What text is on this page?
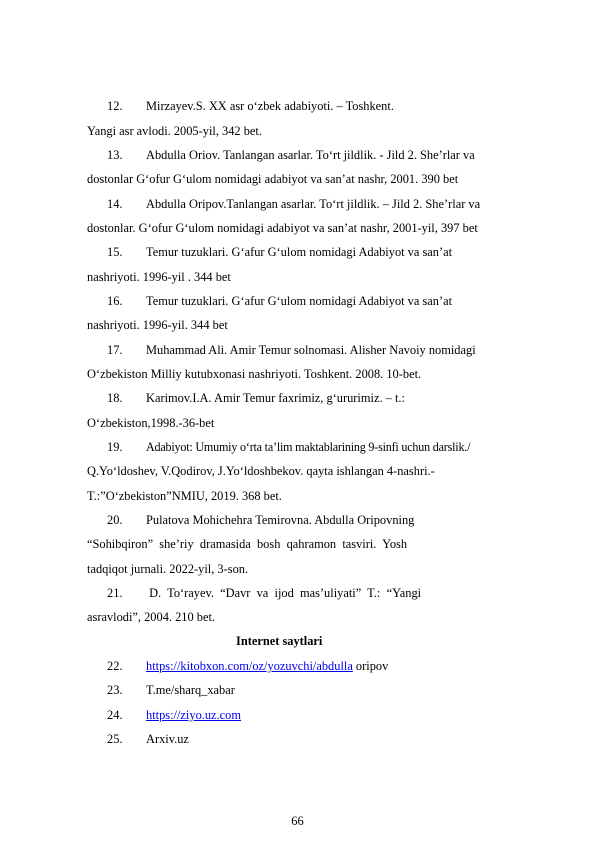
12. Mirzayev.S. XX asr o‘zbek adabiyoti. – Toshkent.
Yangi asr avlodi. 2005-yil, 342 bet.
13. Abdulla Oriov. Tanlangan asarlar. To‘rt jildlik. - Jild 2. She’rlar va
dostonlar G‘ofur G‘ulom nomidagi adabiyot va san’at nashr, 2001. 390 bet
14. Abdulla Oripov.Tanlangan asarlar. To‘rt jildlik. – Jild 2. She’rlar va
dostonlar. G‘ofur G‘ulom nomidagi adabiyot va san’at nashr, 2001-yil, 397 bet
15. Temur tuzuklari. G‘afur G‘ulom nomidagi Adabiyot va san’at
nashriyoti. 1996-yil . 344 bet
16. Temur tuzuklari. G‘afur G‘ulom nomidagi Adabiyot va san’at
nashriyoti. 1996-yil. 344 bet
17. Muhammad Ali. Amir Temur solnomasi. Alisher Navoiy nomidagi
O‘zbekiston Milliy kutubxonasi nashriyoti. Toshkent. 2008. 10-bet.
18. Karimov.I.A. Amir Temur faxrimiz, g‘ururimiz. – t.:
O‘zbekiston,1998.-36-bet
19. Adabiyot: Umumiy o‘rta ta’lim maktablarining 9-sinfi uchun darslik./
Q.Yo‘ldoshev, V.Qodirov, J.Yo‘ldoshbekov. qayta ishlangan 4-nashri.-
T.:”O‘zbekiston”NMIU, 2019. 368 bet.
20. Pulatova Mohichehra Temirovna. Abdulla Oripovning
“Sohibqiron”  she’riy  dramasida  bosh  qahramon  tasviri.  Yosh
tadqiqot jurnali. 2022-yil, 3-son.
21. D.  To‘rayev.  “Davr  va  ijod  mas’uliyati”  T.:  “Yangi
asravlodi”, 2004. 210 bet.
Internet saytlari
22. https://kitobxon.com/oz/yozuvchi/abdulla oripov
23. T.me/sharq_xabar
24. https://ziyo.uz.com
25. Arxiv.uz
66
